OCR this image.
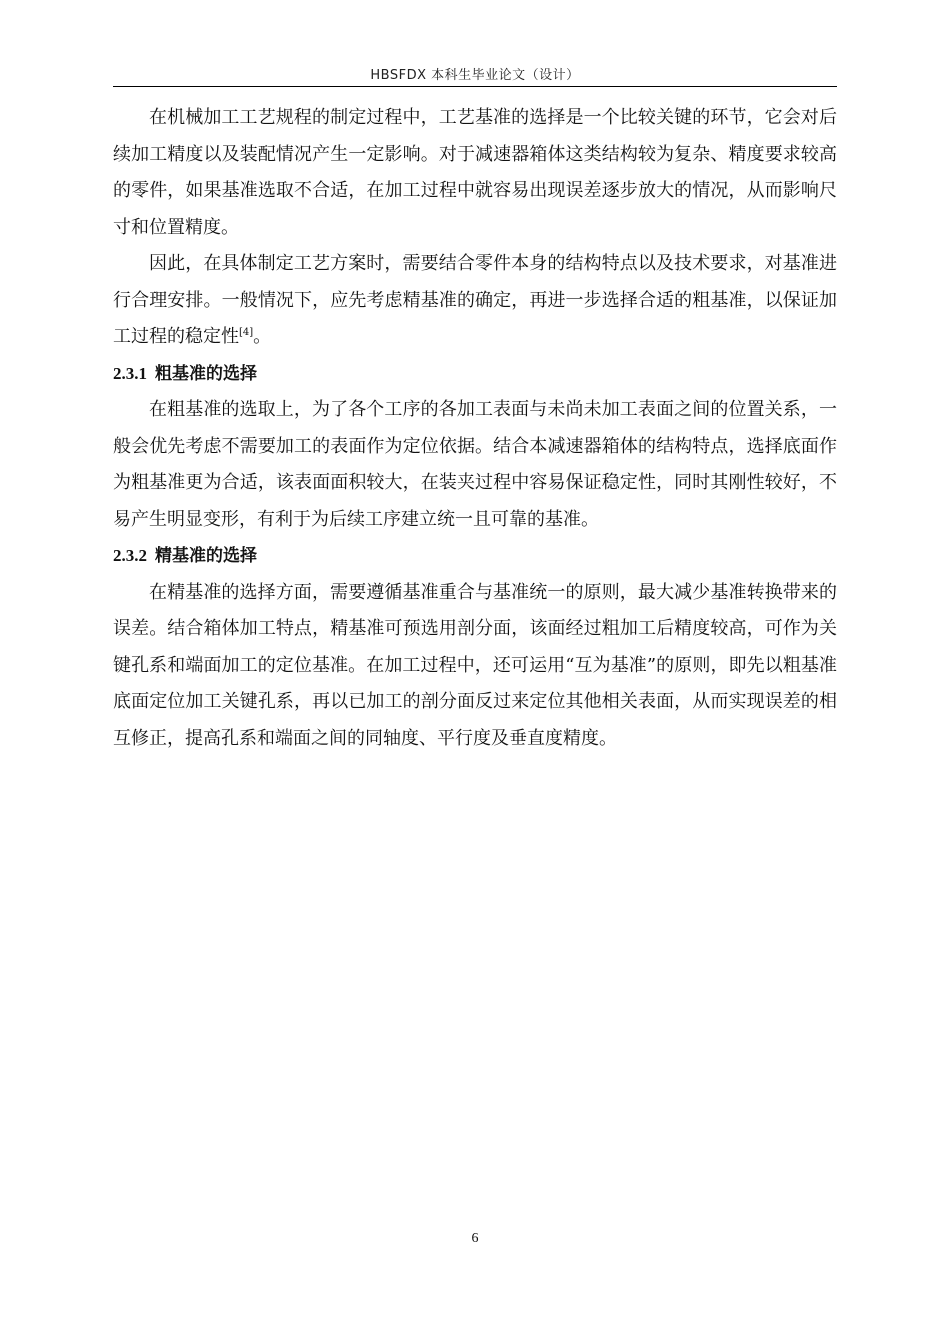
HBSFDX 本科生毕业论文（设计）

在机械加工工艺规程的制定过程中，工艺基准的选择是一个比较关键的环节，它会对后续加工精度以及装配情况产生一定影响。对于减速器箱体这类结构较为复杂、精度要求较高的零件，如果基准选取不合适，在加工过程中就容易出现误差逐步放大的情况，从而影响尺寸和位置精度。

因此，在具体制定工艺方案时，需要结合零件本身的结构特点以及技术要求，对基准进行合理安排。一般情况下，应先考虑精基准的确定，再进一步选择合适的粗基准，以保证加工过程的稳定性[4]。

2.3.1 粗基准的选择

在粗基准的选取上，为了各个工序的各加工表面与未尚未加工表面之间的位置关系，一般会优先考虑不需要加工的表面作为定位依据。结合本减速器箱体的结构特点，选择底面作为粗基准更为合适，该表面面积较大，在装夹过程中容易保证稳定性，同时其刚性较好，不易产生明显变形，有利于为后续工序建立统一且可靠的基准。

2.3.2 精基准的选择

在精基准的选择方面，需要遵循基准重合与基准统一的原则，最大减少基准转换带来的误差。结合箱体加工特点，精基准可预选用剖分面，该面经过粗加工后精度较高，可作为关键孔系和端面加工的定位基准。在加工过程中，还可运用“互为基准”的原则，即先以粗基准底面定位加工关键孔系，再以已加工的剖分面反过来定位其他相关表面，从而实现误差的相互修正，提高孔系和端面之间的同轴度、平行度及垂直度精度。

6
